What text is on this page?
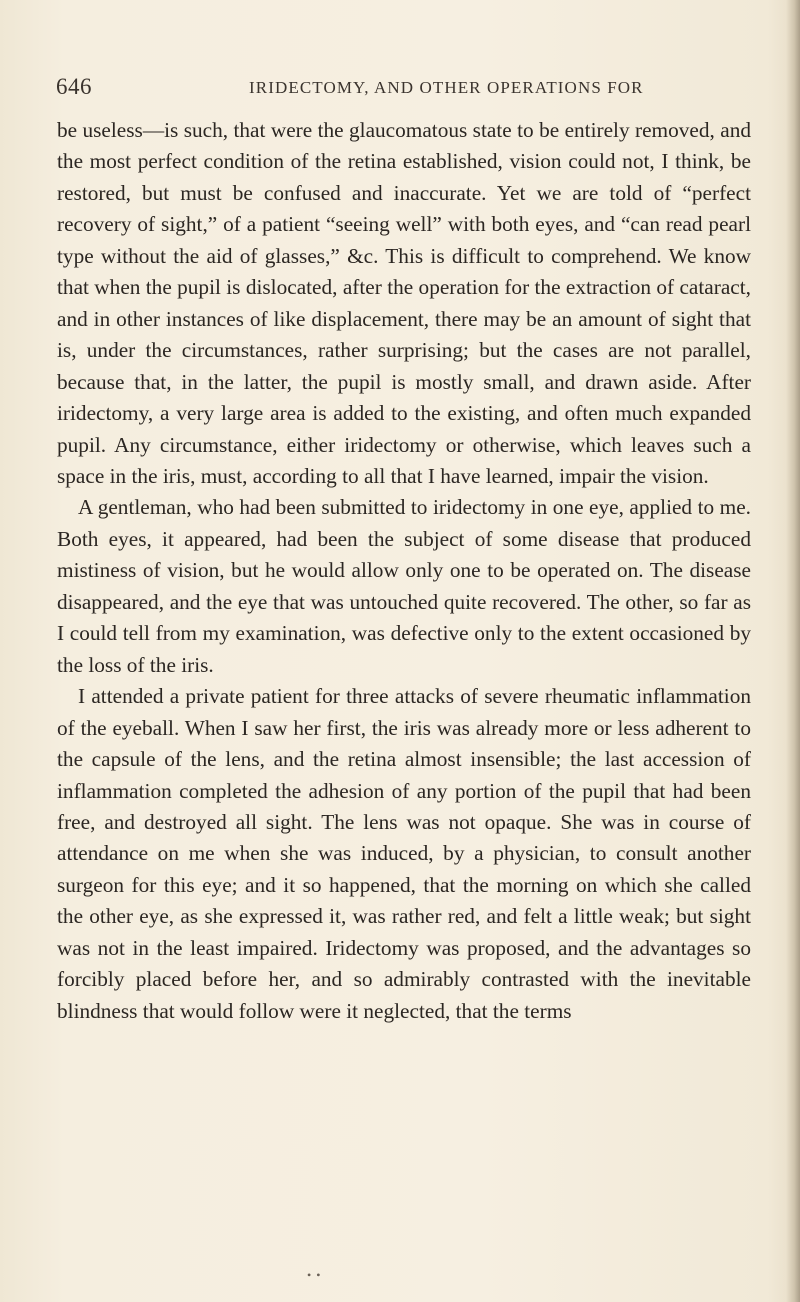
646	IRIDECTOMY, AND OTHER OPERATIONS FOR

be useless—is such, that were the glaucomatous state to be entirely removed, and the most perfect condition of the retina established, vision could not, I think, be restored, but must be confused and inaccurate. Yet we are told of “perfect recovery of sight,” of a patient “seeing well” with both eyes, and “can read pearl type without the aid of glasses,” &c. This is difficult to comprehend. We know that when the pupil is dislocated, after the operation for the extraction of cataract, and in other instances of like displacement, there may be an amount of sight that is, under the circumstances, rather surprising; but the cases are not parallel, because that, in the latter, the pupil is mostly small, and drawn aside. After iridectomy, a very large area is added to the existing, and often much expanded pupil. Any circumstance, either iridectomy or otherwise, which leaves such a space in the iris, must, according to all that I have learned, impair the vision.

A gentleman, who had been submitted to iridectomy in one eye, applied to me. Both eyes, it appeared, had been the subject of some disease that produced mistiness of vision, but he would allow only one to be operated on. The disease disappeared, and the eye that was untouched quite recovered. The other, so far as I could tell from my examination, was defective only to the extent occasioned by the loss of the iris.

I attended a private patient for three attacks of severe rheumatic inflammation of the eyeball. When I saw her first, the iris was already more or less adherent to the capsule of the lens, and the retina almost insensible; the last accession of inflammation completed the adhesion of any portion of the pupil that had been free, and destroyed all sight. The lens was not opaque. She was in course of attendance on me when she was induced, by a physician, to consult another surgeon for this eye; and it so happened, that the morning on which she called the other eye, as she expressed it, was rather red, and felt a little weak; but sight was not in the least impaired. Iridectomy was proposed, and the advantages so forcibly placed before her, and so admirably contrasted with the inevitable blindness that would follow were it neglected, that the terms

• •
